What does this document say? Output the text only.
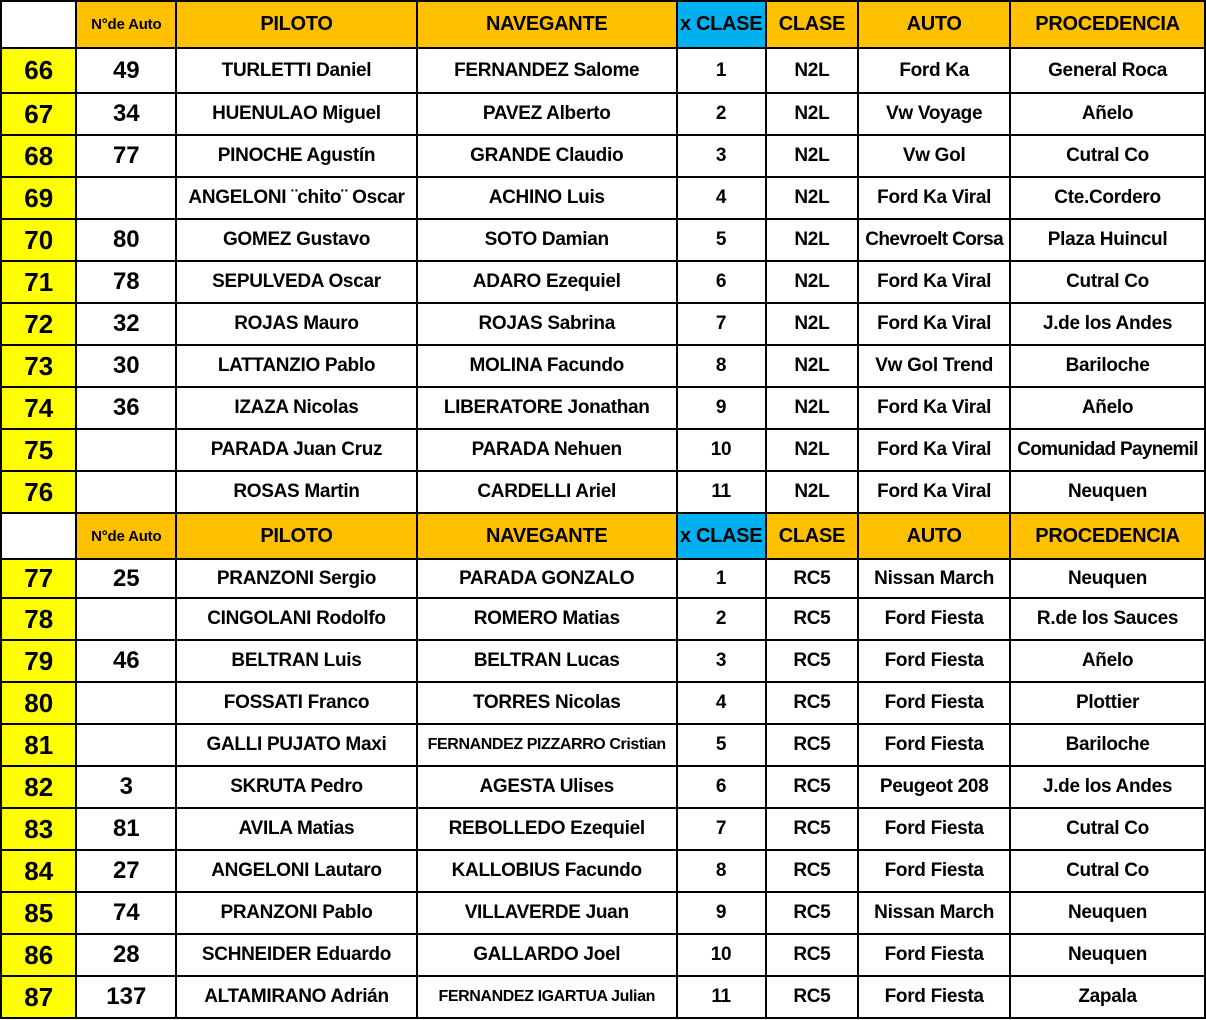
	N°de Auto	PILOTO	NAVEGANTE	x CLASE	CLASE	AUTO	PROCEDENCIA
66	49	TURLETTI Daniel	FERNANDEZ Salome	1	N2L	Ford Ka	General Roca
67	34	HUENULAO Miguel	PAVEZ Alberto	2	N2L	Vw Voyage	Añelo
68	77	PINOCHE Agustín	GRANDE Claudio	3	N2L	Vw Gol	Cutral Co
69		ANGELONI ¨chito¨ Oscar	ACHINO Luis	4	N2L	Ford Ka Viral	Cte.Cordero
70	80	GOMEZ Gustavo	SOTO Damian	5	N2L	Chevroelt Corsa	Plaza Huincul
71	78	SEPULVEDA Oscar	ADARO Ezequiel	6	N2L	Ford Ka Viral	Cutral Co
72	32	ROJAS Mauro	ROJAS Sabrina	7	N2L	Ford Ka Viral	J.de los Andes
73	30	LATTANZIO Pablo	MOLINA Facundo	8	N2L	Vw Gol Trend	Bariloche
74	36	IZAZA Nicolas	LIBERATORE Jonathan	9	N2L	Ford Ka Viral	Añelo
75		PARADA Juan Cruz	PARADA Nehuen	10	N2L	Ford Ka Viral	Comunidad Paynemil
76		ROSAS Martin	CARDELLI Ariel	11	N2L	Ford Ka Viral	Neuquen
	N°de Auto	PILOTO	NAVEGANTE	x CLASE	CLASE	AUTO	PROCEDENCIA
77	25	PRANZONI Sergio	PARADA GONZALO	1	RC5	Nissan March	Neuquen
78		CINGOLANI Rodolfo	ROMERO Matias	2	RC5	Ford Fiesta	R.de los Sauces
79	46	BELTRAN Luis	BELTRAN Lucas	3	RC5	Ford Fiesta	Añelo
80		FOSSATI Franco	TORRES Nicolas	4	RC5	Ford Fiesta	Plottier
81		GALLI PUJATO Maxi	FERNANDEZ PIZZARRO Cristian	5	RC5	Ford Fiesta	Bariloche
82	3	SKRUTA Pedro	AGESTA Ulises	6	RC5	Peugeot 208	J.de los Andes
83	81	AVILA Matias	REBOLLEDO Ezequiel	7	RC5	Ford Fiesta	Cutral Co
84	27	ANGELONI Lautaro	KALLOBIUS Facundo	8	RC5	Ford Fiesta	Cutral Co
85	74	PRANZONI Pablo	VILLAVERDE Juan	9	RC5	Nissan March	Neuquen
86	28	SCHNEIDER Eduardo	GALLARDO Joel	10	RC5	Ford Fiesta	Neuquen
87	137	ALTAMIRANO Adrián	FERNANDEZ IGARTUA Julian	11	RC5	Ford Fiesta	Zapala
